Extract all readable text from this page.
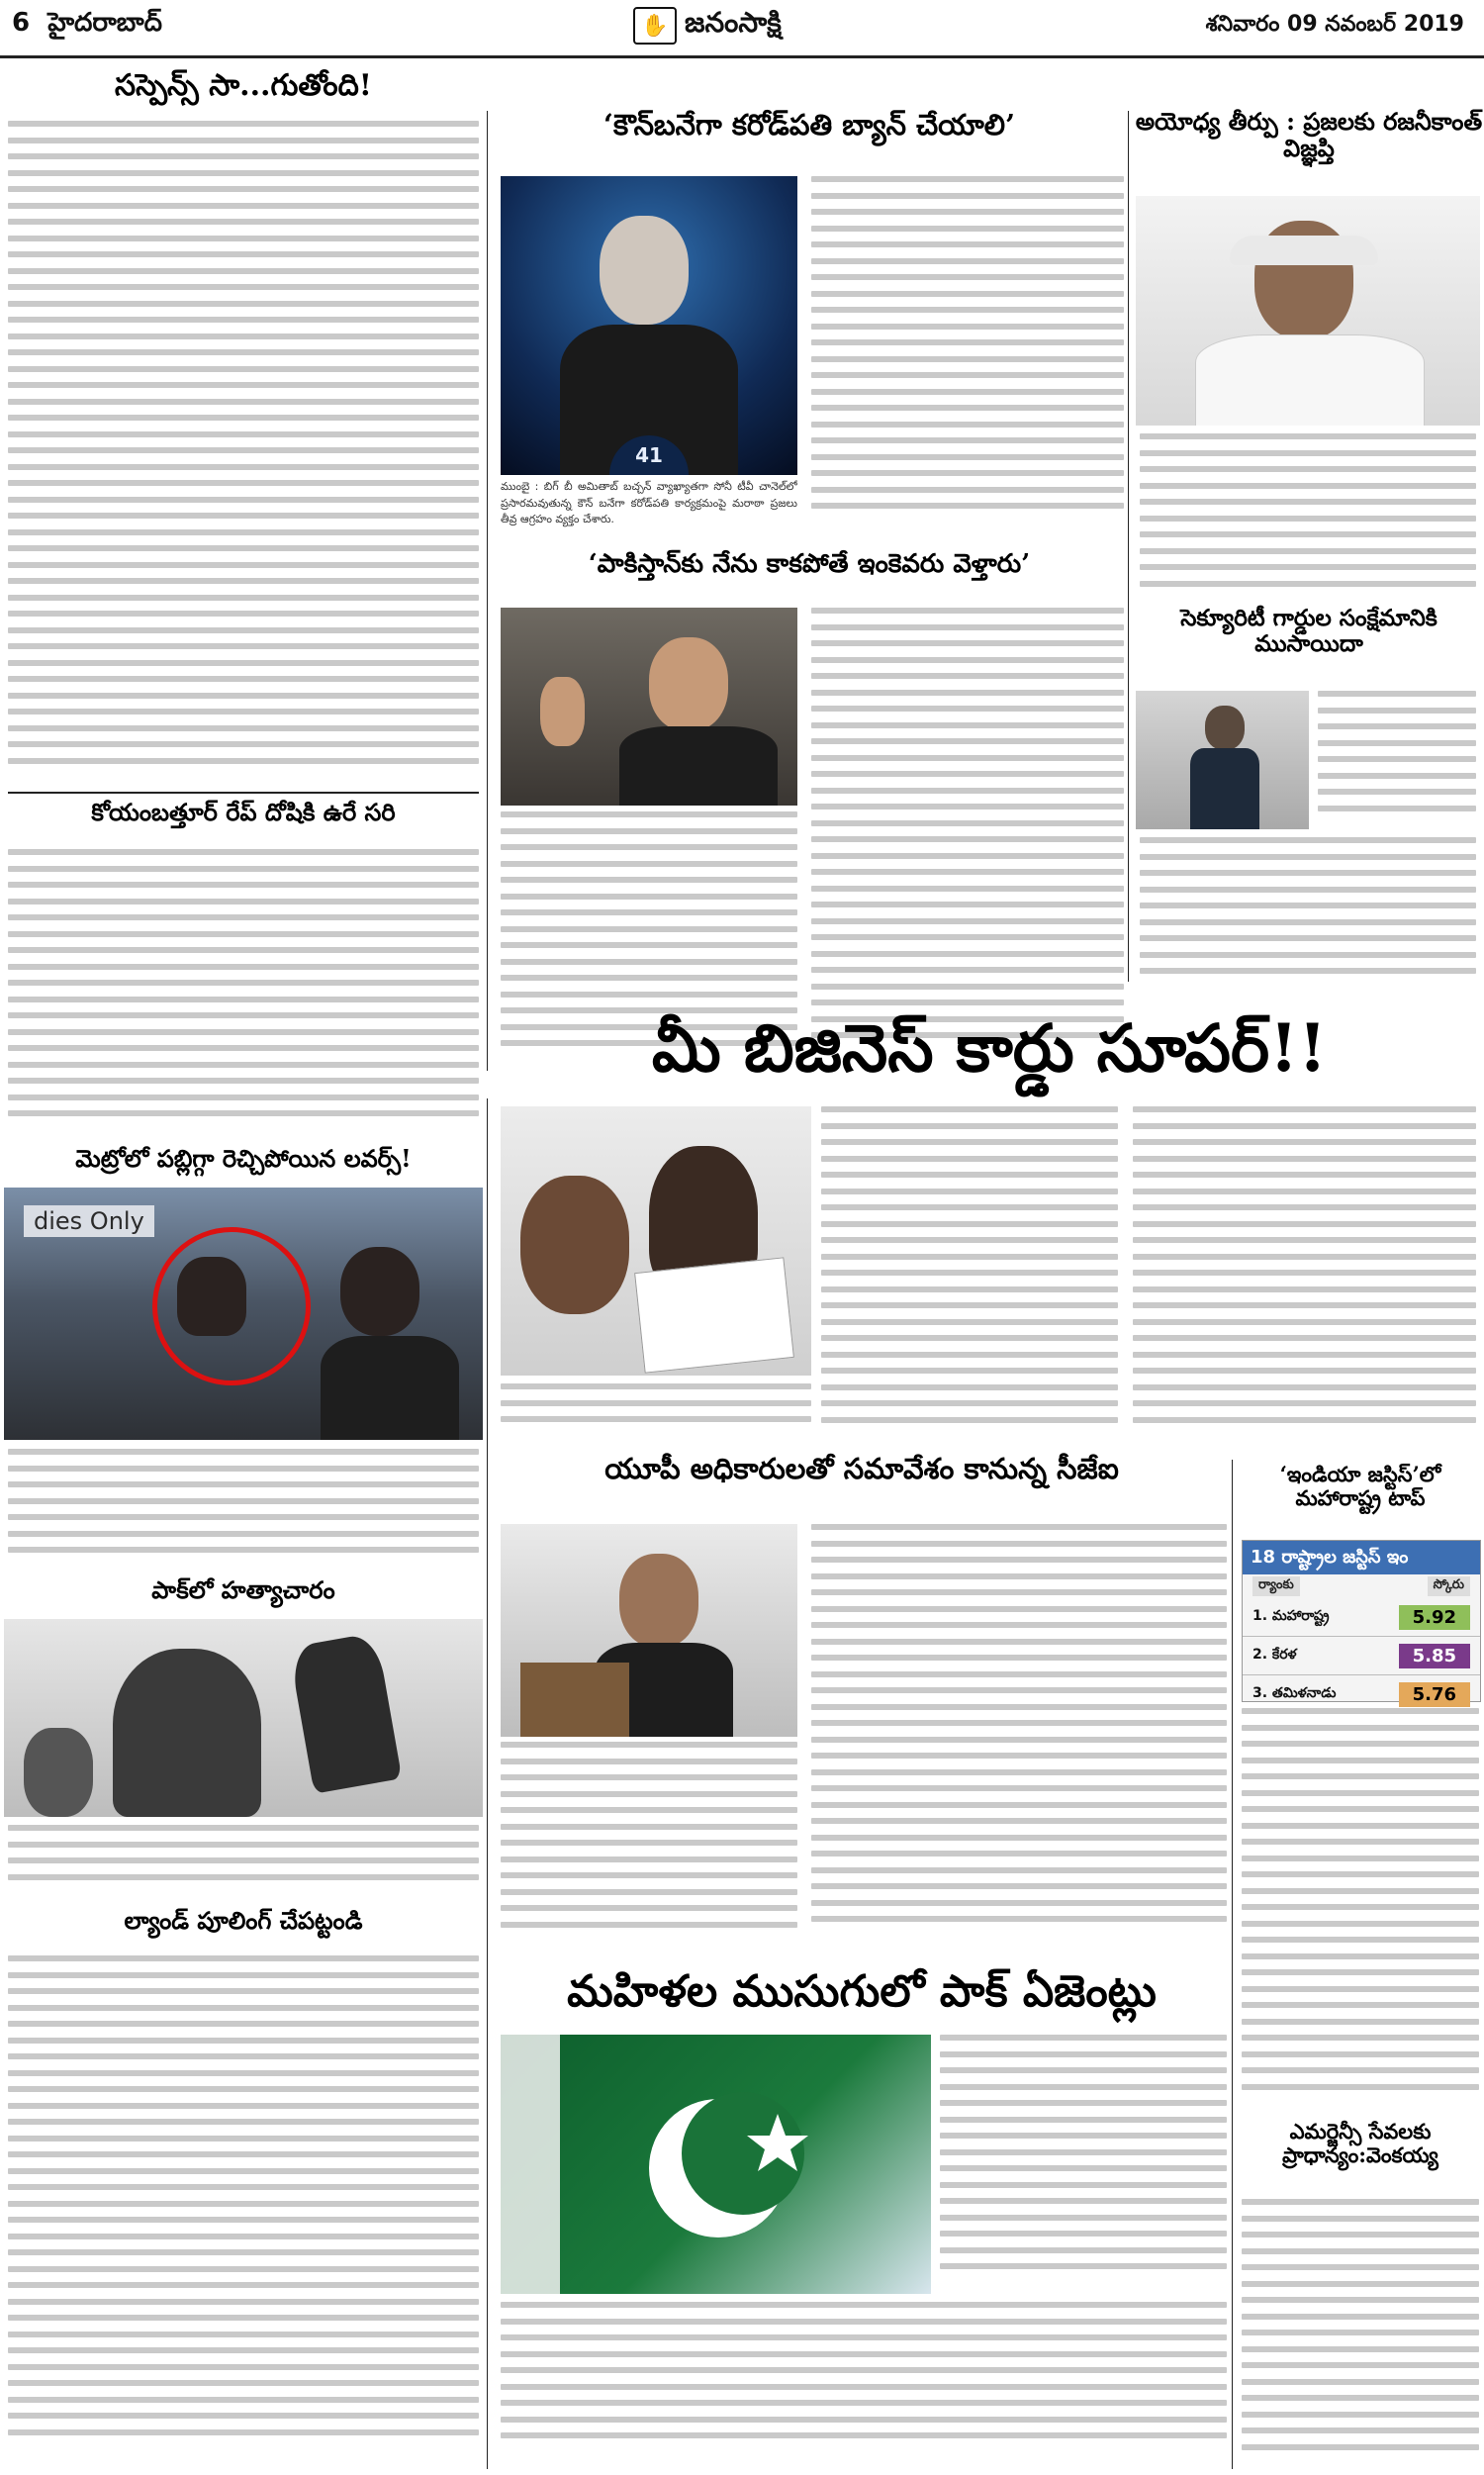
6 హైదరాబాద్	✋ జనంసాక్షి	శనివారం 09 నవంబర్ 2019
సస్పెన్స్ సా...గుతోంది!
కోయంబత్తూర్ రేప్ దోషికి ఉరే సరి
మెట్రోలో పబ్లిగ్గా రెచ్చిపోయిన లవర్స్!
dies Only
పాక్‌లో హత్యాచారం
ల్యాండ్ పూలింగ్ చేపట్టండి
‘కౌన్‌బనేగా కరోడ్‌పతి బ్యాన్ చేయాలి’
41
ముంబై : బిగ్ బీ అమితాబ్ బచ్చన్ వ్యాఖ్యాతగా సోనీ టీవీ చానెల్‌లో ప్రసారమవుతున్న కౌన్ బనేగా కరోడ్‌పతి కార్యక్రమంపై మరాఠా ప్రజలు తీవ్ర ఆగ్రహం వ్యక్తం చేశారు.
‘పాకిస్తాన్‌కు నేను కాకపోతే ఇంకెవరు వెళ్తారు’
అయోధ్య తీర్పు : ప్రజలకు రజనీకాంత్ విజ్ఞప్తి
సెక్యూరిటీ గార్డుల సంక్షేమానికి ముసాయిదా
మీ బిజినెస్ కార్డు సూపర్!!
యూపీ అధికారులతో సమావేశం కానున్న సీజేఐ	‘ఇండియా జస్టిస్’లో మహారాష్ట్ర టాప్
18 రాష్ట్రాల జస్టిస్ ఇం
ర్యాంకు	స్కోరు
1. మహారాష్ట్ర	5.92
2. కేరళ	5.85
3. తమిళనాడు	5.76
ఎమర్జెన్సీ సేవలకు ప్రాధాన్యం:వెంకయ్య
మహిళల ముసుగులో పాక్ ఏజెంట్లు
